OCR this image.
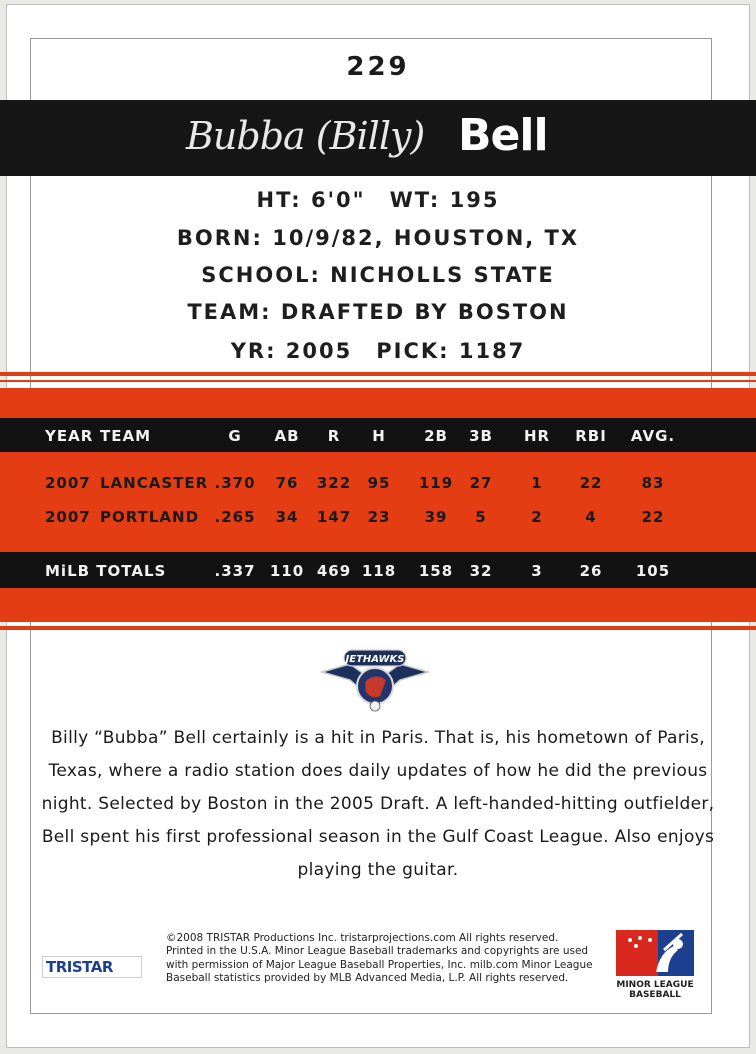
229
Bubba (Billy) Bell
HT: 6'0" WT: 195
BORN: 10/9/82, HOUSTON, TX
SCHOOL: NICHOLLS STATE
TEAM: DRAFTED BY BOSTON
YR: 2005 PICK: 1187
YEAR TEAM	G AB R H	2B 3B HR RBI AVG.
2007 LANCASTER .370 76 322 95 119 27	1 22	83
2007 PORTLAND .265 34 147 23 39 5	2	4	22
MiLB TOTALS	.337 110 469 118 158 32	3 26 105
JETHAWKS
Billy “Bubba” Bell certainly is a hit in Paris. That is, his hometown of Paris, Texas, where a radio station does daily updates of how he did the previous night. Selected by Boston in the 2005 Draft. A left-handed-hitting outfielder, Bell spent his first professional season in the Gulf Coast League. Also enjoys playing the guitar.
TRISTAR
©2008 TRISTAR Productions Inc. tristarprojections.com All rights reserved. Printed in the U.S.A. Minor League Baseball trademarks and copyrights are used with permission of Major League Baseball Properties, Inc. milb.com Minor League Baseball statistics provided by MLB Advanced Media, L.P. All rights reserved.
MINOR LEAGUE BASEBALL
